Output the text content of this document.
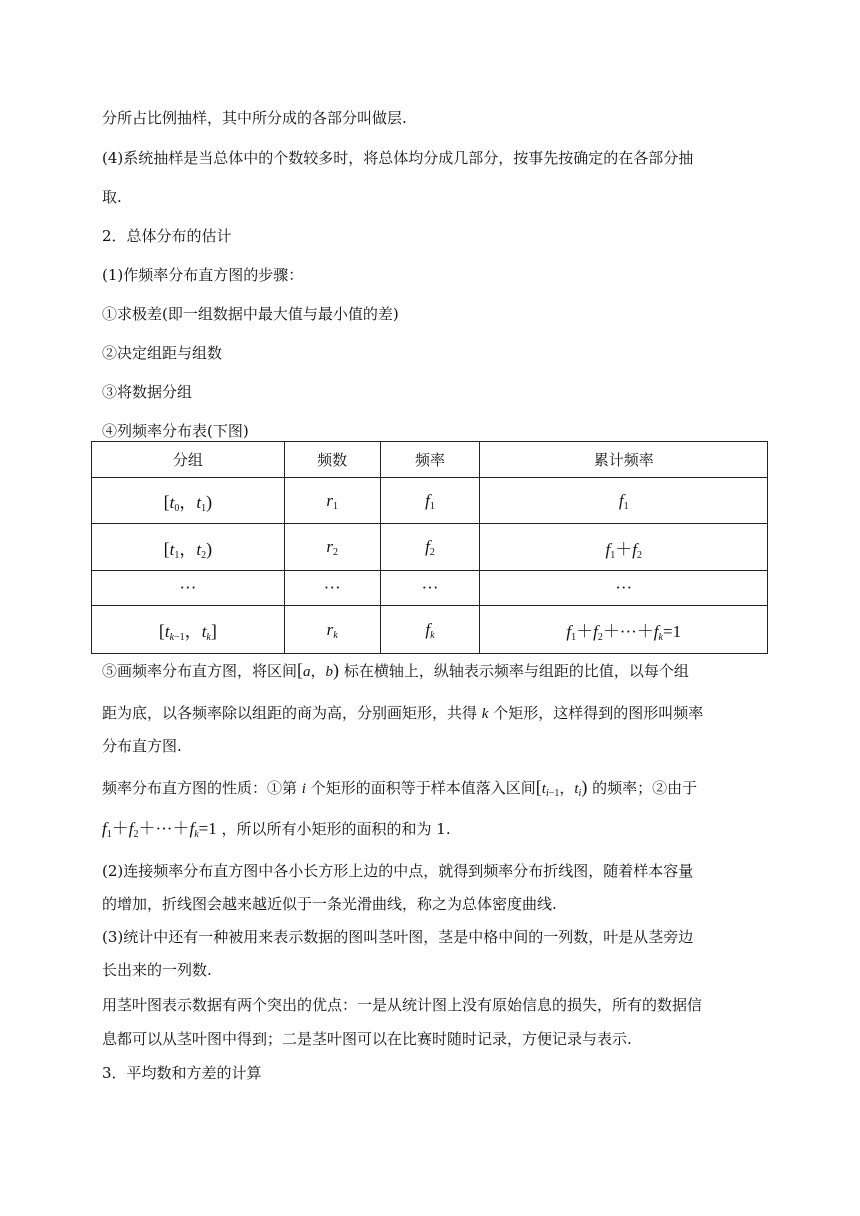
分所占比例抽样，其中所分成的各部分叫做层.
(4)系统抽样是当总体中的个数较多时，将总体均分成几部分，按事先按确定的在各部分抽
取.
2．总体分布的估计
(1)作频率分布直方图的步骤：
①求极差(即一组数据中最大值与最小值的差)
②决定组距与组数
③将数据分组
④列频率分布表(下图)
分组	频数	频率	累计频率
[$t_0$，$t_1$)	$r_1$	$f_1$	$f_1$
[$t_1$，$t_2$)	$r_2$	$f_2$	$f_1+f_2$
···	···	···	···
[$t_{k-1}$，$t_k$]	$r_k$	$f_k$	$f_1+f_2+\cdot\cdot\cdot+f_k=1$
⑤画频率分布直方图，将区间[a，b) 标在横轴上，纵轴表示频率与组距的比值，以每个组
距为底，以各频率除以组距的商为高，分别画矩形，共得 k 个矩形，这样得到的图形叫频率
分布直方图.
频率分布直方图的性质：①第 i 个矩形的面积等于样本值落入区间[$t_{i-1}$，$t_i$) 的频率；②由于
$f_1+f_2+\cdot\cdot\cdot+f_k=1$ ，所以所有小矩形的面积的和为 1.
(2)连接频率分布直方图中各小长方形上边的中点，就得到频率分布折线图，随着样本容量
的增加，折线图会越来越近似于一条光滑曲线，称之为总体密度曲线.
(3)统计中还有一种被用来表示数据的图叫茎叶图，茎是中格中间的一列数，叶是从茎旁边
长出来的一列数.
用茎叶图表示数据有两个突出的优点：一是从统计图上没有原始信息的损失，所有的数据信
息都可以从茎叶图中得到；二是茎叶图可以在比赛时随时记录，方便记录与表示.
3．平均数和方差的计算
